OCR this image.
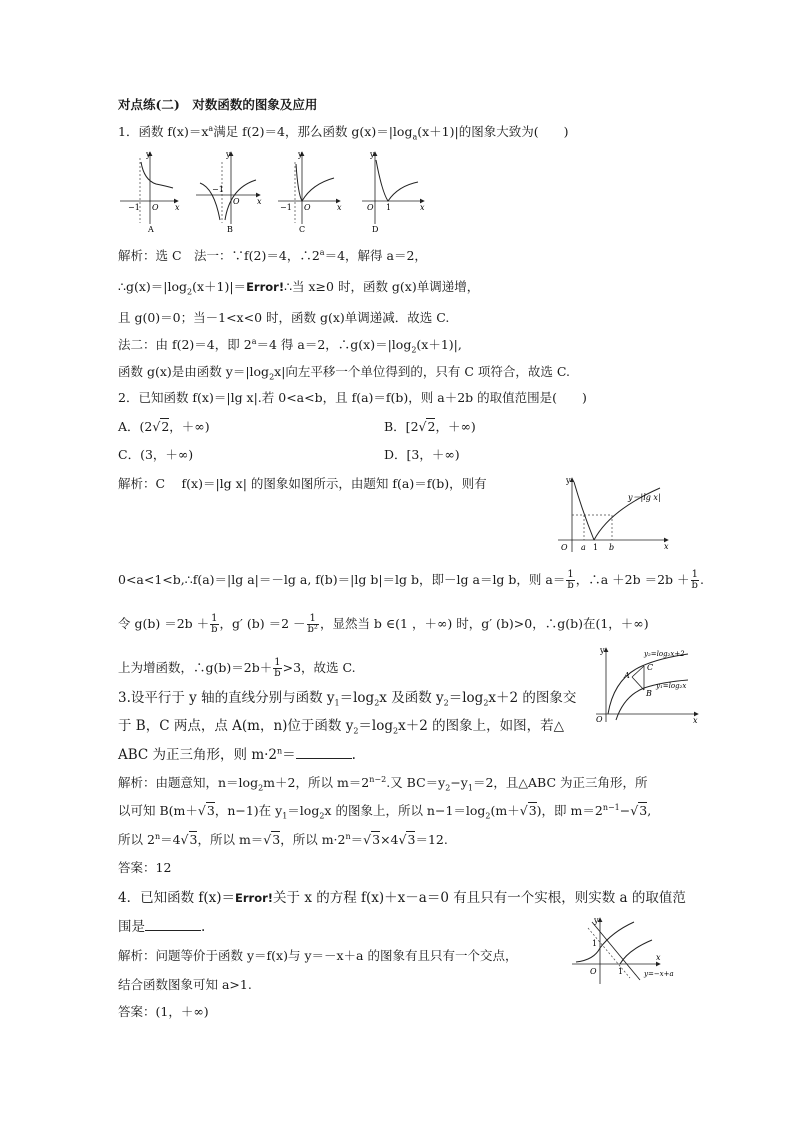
对点练(二)　对数函数的图象及应用
1．函数 $f(x)=x^a$满足 f(2)＝4，那么函数 $g(x)=|\log_a(x+1)|$的图象大致为(　　)
y
x
O
−1
A
y
x
O
−1
B
y
x
O
−1
C
y
x
O 1
D
解析：选 C　法一：∵f(2)＝4，$\therefore 2^a=4$，解得 a＝2，
$\therefore g(x)=|\log_2(x+1)|=Error!\therefore$当 x≥0 时，函数 g(x)单调递增，
且 g(0)＝0；当－1<x<0 时，函数 g(x)单调递减．故选 C.
法二：由 f(2)＝4，即 $2^a=4$ 得 a＝2，$\therefore g(x)=|\log_2(x+1)|$,
函数 g(x)是由函数 $y=|\log_2x|$向左平移一个单位得到的，只有 C 项符合，故选 C.
2．已知函数 f(x)＝|lg x|.若 0<a<b，且 f(a)＝f(b)，则 a＋2b 的取值范围是(　　)
A．(2√2，＋∞)	B．[2√2，＋∞)
C．(3，＋∞)	D．[3，＋∞)
解析：C　 f(x)＝|lg x| 的图象如图所示，由题知 f(a)＝f(b)，则有	y
x
O a 1 b
y＝|lg x|
0<a<1<b,∴f(a)＝|lg a|＝－lg a, f(b)＝|lg b|＝lg b，即－lg a＝lg b，则 $a= \frac{1}{b}$ ，∴a $+2b =2b + \frac{1}{b}$ .
令 $g(b) =2b + \frac{1}{b}$ ，g′ $(b) =2 - \frac{1}{\text{b²}}$ ，显然当 b ∈(1 ，＋∞) 时，g′ (b)>0，∴g(b)在(1，＋∞)
上为增函数，∴g(b)＝2b＋ $\frac{1}{b} >3$，故选 C.
y
x
O
A
B
C
y₂=log₂x+2
y₁=log₂x
3.设平行于 y 轴的直线分别与函数 $y_1=\log_2x$ 及函数 $y_2=\log_2x+2$ 的图象交
于 B，C 两点，点 A(m，n)位于函数 $y_2=\log_2x+2$ 的图象上，如图，若△
ABC 为正三角形，则 $m\cdot 2^n=$	.
解析：由题意知，$n=\log_2m+2$，所以 $m=2^{n-2}$.又 $BC=y_2-y_1=2$，且△ABC 为正三角形，所
以可知 B(m＋√3，n−1)在 $y_1=\log_2x$ 的图象上，所以 $n-1=\log_2(m+√3)$，即 $m=2^{n-1}-√3$,
所以 $2^n=4√3$，所以 m＝√3，所以 $m\cdot 2^n=√3\times 4√3=12$.
答案：12
4．已知函数 f(x)＝Error!关于 x 的方程 f(x)＋x－a＝0 有且只有一个实根，则实数 a 的取值范
围是	.	y
x
O
1
1	y=−x+a
解析：问题等价于函数 y＝f(x)与 y＝－x＋a 的图象有且只有一个交点，
结合函数图象可知 a>1.
答案：(1，＋∞)
